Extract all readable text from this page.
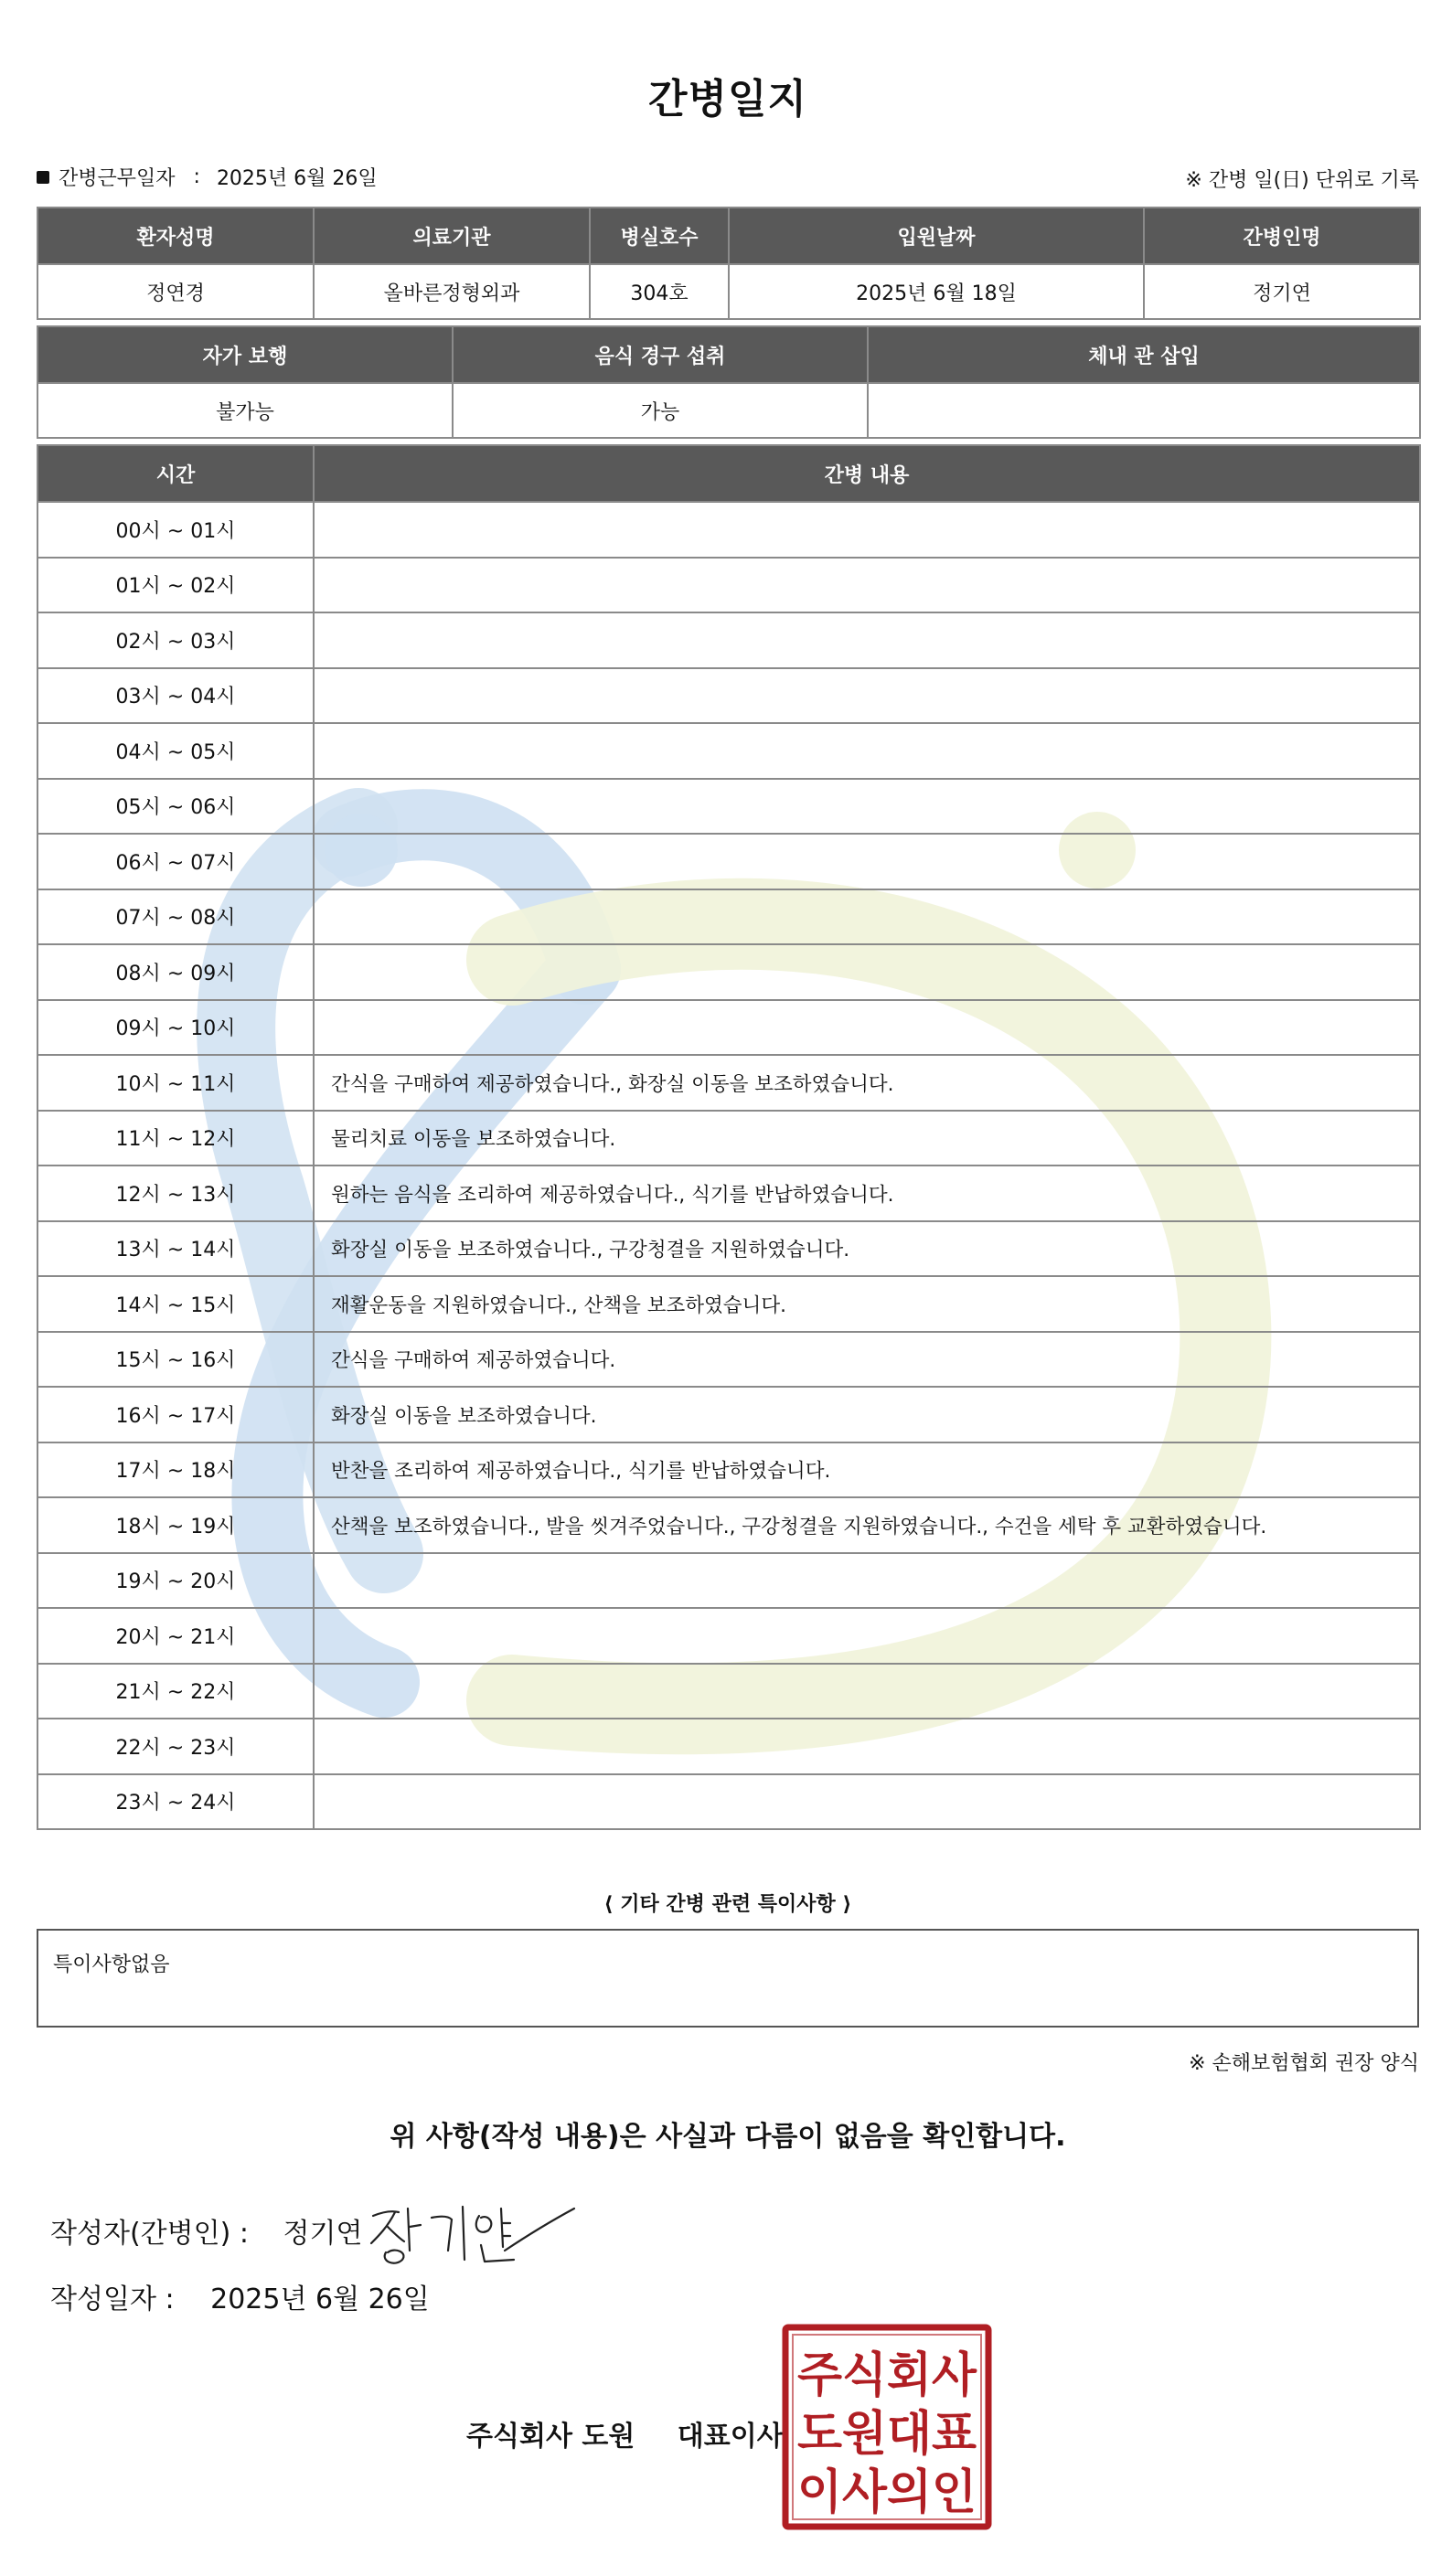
간병일지
간병근무일자 : 2025년 6월 26일	※ 간병 일(日) 단위로 기록
환자성명	의료기관	병실호수	입원날짜	간병인명
정연경	올바른정형외과	304호	2025년 6월 18일	정기연
자가 보행	음식 경구 섭취	체내 관 삽입
불가능	가능	
시간	간병 내용
00시 ~ 01시	
01시 ~ 02시	
02시 ~ 03시	
03시 ~ 04시	
04시 ~ 05시	
05시 ~ 06시	
06시 ~ 07시	
07시 ~ 08시	
08시 ~ 09시	
09시 ~ 10시	
10시 ~ 11시	간식을 구매하여 제공하였습니다., 화장실 이동을 보조하였습니다.
11시 ~ 12시	물리치료 이동을 보조하였습니다.
12시 ~ 13시	원하는 음식을 조리하여 제공하였습니다., 식기를 반납하였습니다.
13시 ~ 14시	화장실 이동을 보조하였습니다., 구강청결을 지원하였습니다.
14시 ~ 15시	재활운동을 지원하였습니다., 산책을 보조하였습니다.
15시 ~ 16시	간식을 구매하여 제공하였습니다.
16시 ~ 17시	화장실 이동을 보조하였습니다.
17시 ~ 18시	반찬을 조리하여 제공하였습니다., 식기를 반납하였습니다.
18시 ~ 19시	산책을 보조하였습니다., 발을 씻겨주었습니다., 구강청결을 지원하였습니다., 수건을 세탁 후 교환하였습니다.
19시 ~ 20시	
20시 ~ 21시	
21시 ~ 22시	
22시 ~ 23시	
23시 ~ 24시	
⟨ 기타 간병 관련 특이사항 ⟩
특이사항없음
※ 손해보험협회 권장 양식
위 사항(작성 내용)은 사실과 다름이 없음을 확인합니다.
작성자(간병인) : 정기연
작성일자 : 2025년 6월 26일
주식회사 도원 대표이사
주식회사
도원대표
이사의인
